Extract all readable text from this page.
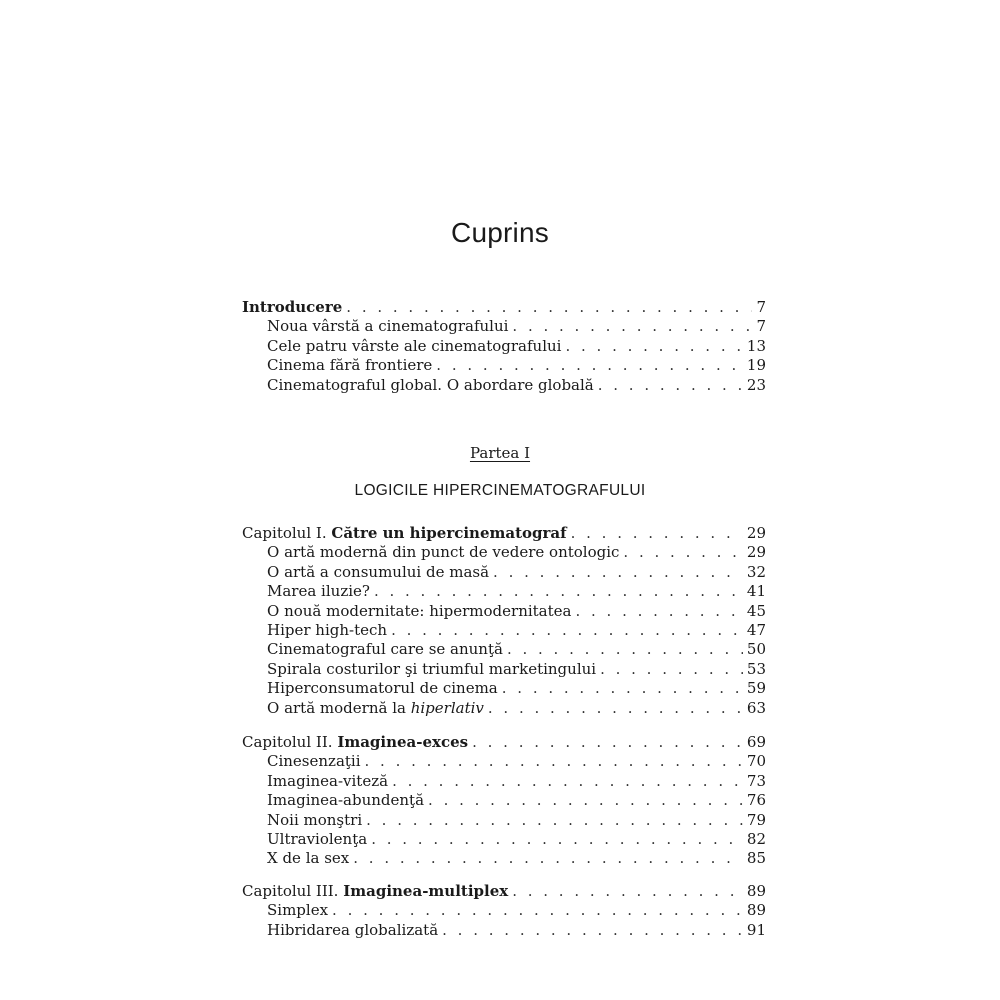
Cuprins
Introducere . . .	7
Noua vârstă a cinematografului . . .	7
Cele patru vârste ale cinematografului . . .	13
Cinema fără frontiere . . .	19
Cinematograful global. O abordare globală . . .	23
Partea I
LOGICILE HIPERCINEMATOGRAFULUI
Capitolul I. Către un hipercinematograf . . .	29
O artă modernă din punct de vedere ontologic . . .	29
O artă a consumului de masă . . .	32
Marea iluzie? . . .	41
O nouă modernitate: hipermodernitatea . . .	45
Hiper high-tech . . .	47
Cinematograful care se anunţă . . .	50
Spirala costurilor şi triumful marketingului . . .	53
Hiperconsumatorul de cinema . . .	59
O artă modernă la hiperlativ . . .	63
Capitolul II. Imaginea-exces . . .	69
Cinesenzaţii . . .	70
Imaginea-viteză . . .	73
Imaginea-abundenţă . . .	76
Noii monştri . . .	79
Ultraviolenţa . . .	82
X de la sex . . .	85
Capitolul III. Imaginea-multiplex . . .	89
Simplex . . .	89
Hibridarea globalizată . . .	91
